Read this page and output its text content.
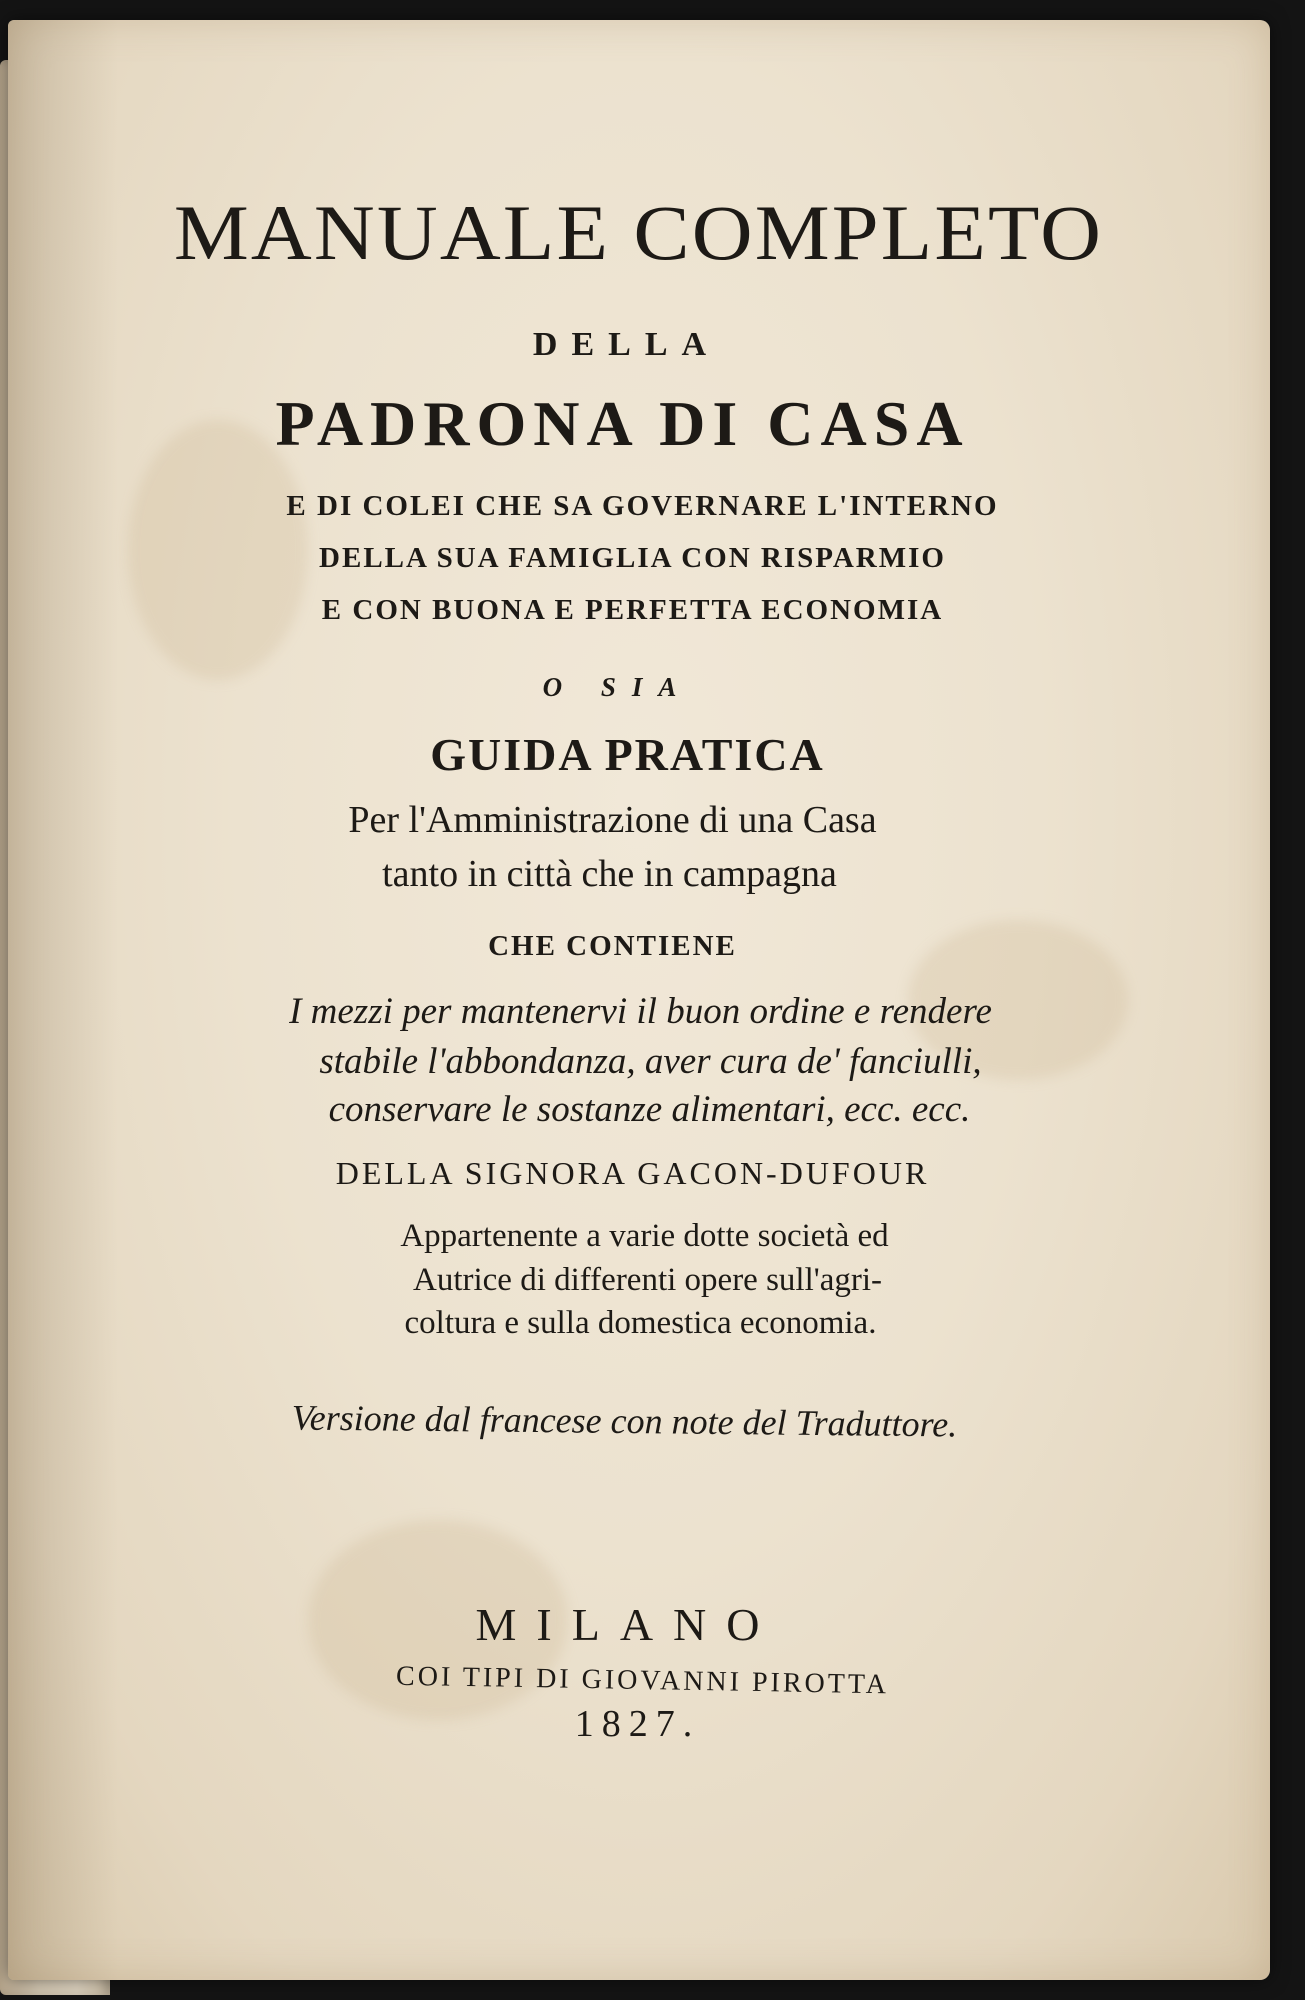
MANUALE COMPLETO
DELLA
PADRONA DI CASA
E DI COLEI CHE SA GOVERNARE L'INTERNO
DELLA SUA FAMIGLIA CON RISPARMIO
E CON BUONA E PERFETTA ECONOMIA
O SIA
GUIDA PRATICA
Per l'Amministrazione di una Casa
tanto in città che in campagna
CHE CONTIENE
I mezzi per mantenervi il buon ordine e rendere
stabile l'abbondanza, aver cura de' fanciulli,
conservare le sostanze alimentari, ecc. ecc.
DELLA SIGNORA GACON-DUFOUR
Appartenente a varie dotte società ed
Autrice di differenti opere sull'agri-
coltura e sulla domestica economia.
Versione dal francese con note del Traduttore.
MILANO
COI TIPI DI GIOVANNI PIROTTA
1827.
